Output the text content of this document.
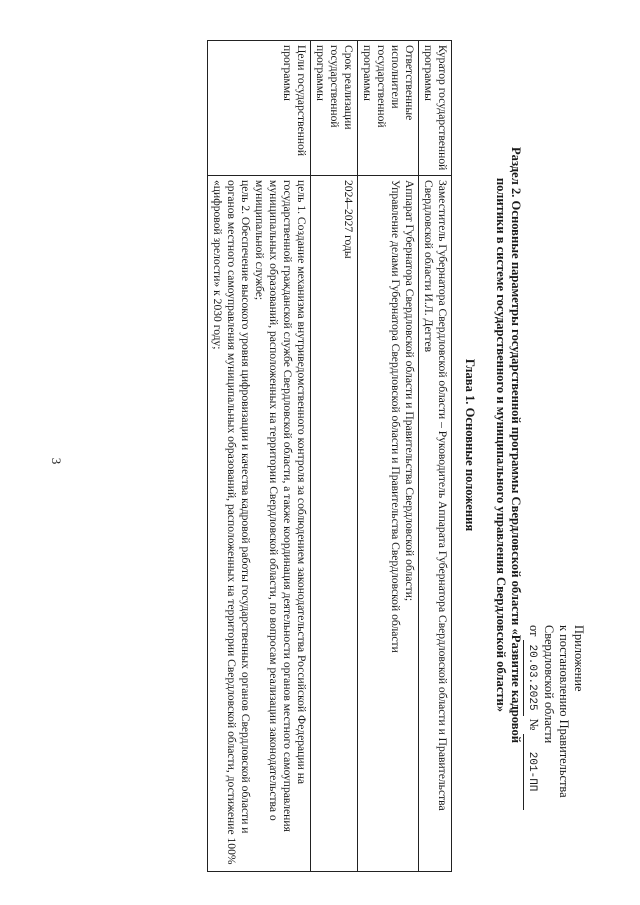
3
Приложение
к постановлению Правительства
Свердловской области
от 20.03.2025 № 201-ПП
Раздел 2. Основные параметры государственной программы Свердловской области «Развитие кадровой политики в системе государственного и муниципального управления Свердловской области»
Глава 1. Основные положения
Куратор государственной программы	Заместитель Губернатора Свердловской области – Руководитель Аппарата Губернатора Свердловской области и Правительства Свердловской области И.Л. Дегтев
Ответственные исполнители государственной программы	Аппарат Губернатора Свердловской области и Правительства Свердловской области;
Управление делами Губернатора Свердловской области и Правительства Свердловской области

Срок реализации государственной программы	2024–2027 годы
Цели государственной программы	цель 1. Создание механизма внутриведомственного контроля за соблюдением законодательства Российской Федерации на государственной гражданской службе Свердловской области, а также координация деятельности органов местного самоуправления муниципальных образований, расположенных на территории Свердловской области, по вопросам реализации законодательства о муниципальной службе;
цель 2. Обеспечение высокого уровня цифровизации и качества кадровой работы государственных органов Свердловской области и органов местного самоуправления муниципальных образований, расположенных на территории Свердловской области, достижение 100% «цифровой зрелости» к 2030 году;
